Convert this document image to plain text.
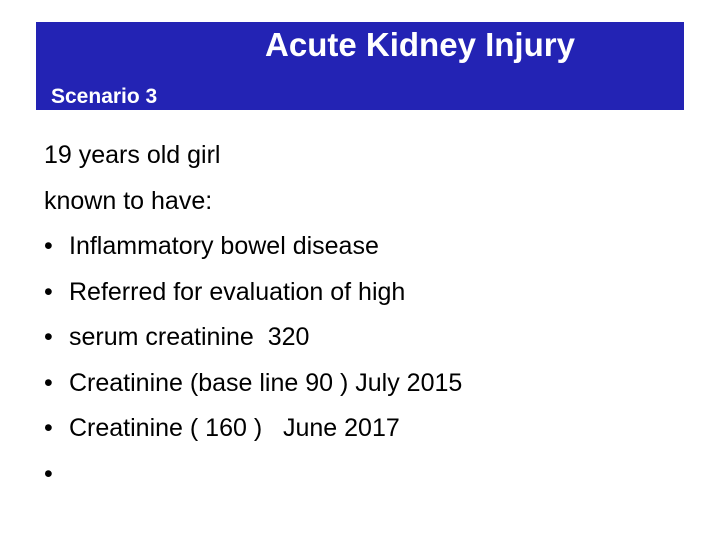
Acute Kidney Injury
Scenario 3
19 years old girl
known to have:
• Inflammatory bowel disease
• Referred for evaluation of high
• serum creatinine  320
• Creatinine (base line 90 ) July 2015
• Creatinine ( 160 )   June 2017
•
